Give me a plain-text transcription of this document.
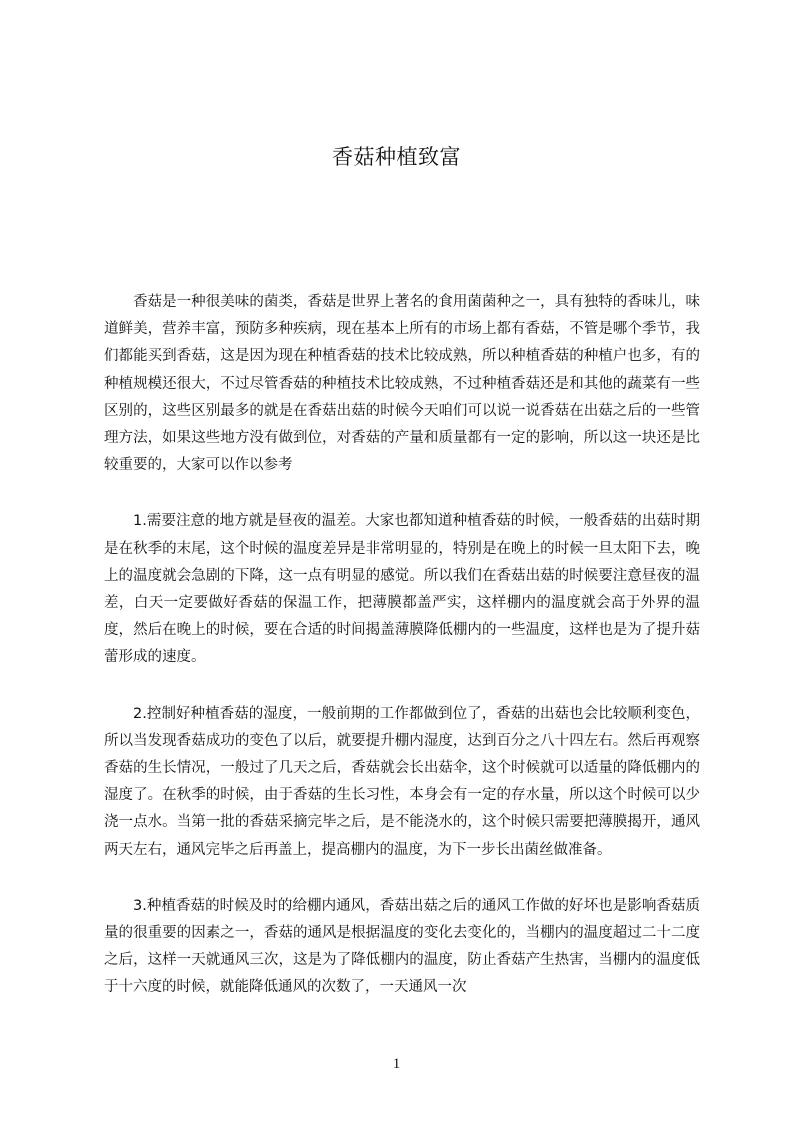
香菇种植致富

香菇是一种很美味的菌类，香菇是世界上著名的食用菌菌种之一，具有独特的香味儿，味道鲜美，营养丰富，预防多种疾病，现在基本上所有的市场上都有香菇，不管是哪个季节，我们都能买到香菇，这是因为现在种植香菇的技术比较成熟，所以种植香菇的种植户也多，有的种植规模还很大，不过尽管香菇的种植技术比较成熟，不过种植香菇还是和其他的蔬菜有一些区别的，这些区别最多的就是在香菇出菇的时候今天咱们可以说一说香菇在出菇之后的一些管理方法，如果这些地方没有做到位，对香菇的产量和质量都有一定的影响，所以这一块还是比较重要的，大家可以作以参考

1.需要注意的地方就是昼夜的温差。大家也都知道种植香菇的时候，一般香菇的出菇时期是在秋季的末尾，这个时候的温度差异是非常明显的，特别是在晚上的时候一旦太阳下去，晚上的温度就会急剧的下降，这一点有明显的感觉。所以我们在香菇出菇的时候要注意昼夜的温差，白天一定要做好香菇的保温工作，把薄膜都盖严实，这样棚内的温度就会高于外界的温度，然后在晚上的时候，要在合适的时间揭盖薄膜降低棚内的一些温度，这样也是为了提升菇蕾形成的速度。

2.控制好种植香菇的湿度，一般前期的工作都做到位了，香菇的出菇也会比较顺利变色，所以当发现香菇成功的变色了以后，就要提升棚内湿度，达到百分之八十四左右。然后再观察香菇的生长情况，一般过了几天之后，香菇就会长出菇伞，这个时候就可以适量的降低棚内的湿度了。在秋季的时候，由于香菇的生长习性，本身会有一定的存水量，所以这个时候可以少浇一点水。当第一批的香菇采摘完毕之后，是不能浇水的，这个时候只需要把薄膜揭开，通风两天左右，通风完毕之后再盖上，提高棚内的温度，为下一步长出菌丝做准备。

3.种植香菇的时候及时的给棚内通风，香菇出菇之后的通风工作做的好坏也是影响香菇质量的很重要的因素之一，香菇的通风是根据温度的变化去变化的，当棚内的温度超过二十二度之后，这样一天就通风三次，这是为了降低棚内的温度，防止香菇产生热害，当棚内的温度低于十六度的时候，就能降低通风的次数了，一天通风一次

1
